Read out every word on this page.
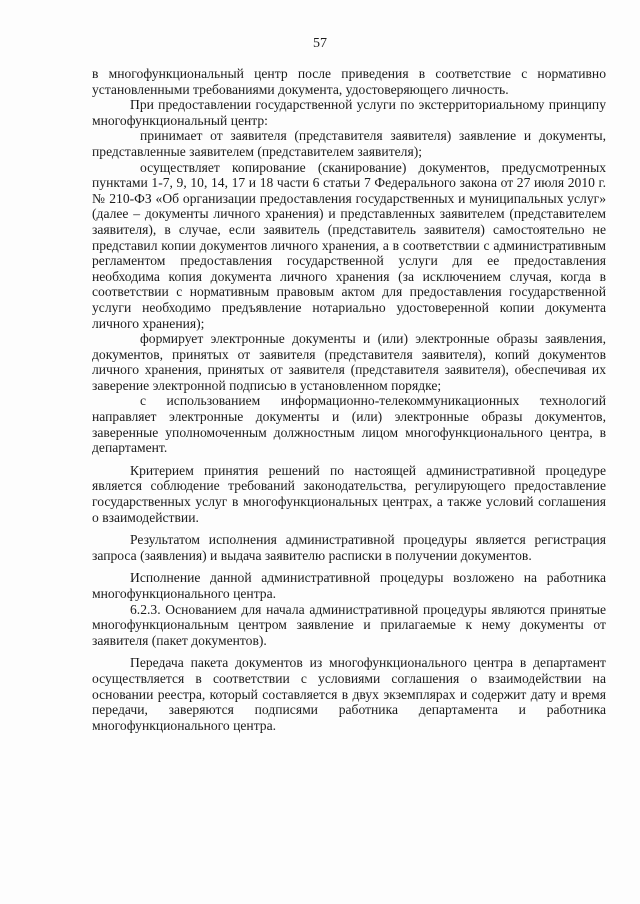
57

в многофункциональный центр после приведения в соответствие с нормативно установленными требованиями документа, удостоверяющего личность.

При предоставлении государственной услуги по экстерриториальному принципу многофункциональный центр:

принимает от заявителя (представителя заявителя) заявление и документы, представленные заявителем (представителем заявителя);

осуществляет копирование (сканирование) документов, предусмотренных пунктами 1-7, 9, 10, 14, 17 и 18 части 6 статьи 7 Федерального закона от 27 июля 2010 г. № 210-ФЗ «Об организации предоставления государственных и муниципальных услуг» (далее – документы личного хранения) и представленных заявителем (представителем заявителя), в случае, если заявитель (представитель заявителя) самостоятельно не представил копии документов личного хранения, а в соответствии с административным регламентом предоставления государственной услуги для ее предоставления необходима копия документа личного хранения (за исключением случая, когда в соответствии с нормативным правовым актом для предоставления государственной услуги необходимо предъявление нотариально удостоверенной копии документа личного хранения);

формирует электронные документы и (или) электронные образы заявления, документов, принятых от заявителя (представителя заявителя), копий документов личного хранения, принятых от заявителя (представителя заявителя), обеспечивая их заверение электронной подписью в установленном порядке;

с использованием информационно-телекоммуникационных технологий направляет электронные документы и (или) электронные образы документов, заверенные уполномоченным должностным лицом многофункционального центра, в департамент.

Критерием принятия решений по настоящей административной процедуре является соблюдение требований законодательства, регулирующего предоставление государственных услуг в многофункциональных центрах, а также условий соглашения о взаимодействии.

Результатом исполнения административной процедуры является регистрация запроса (заявления) и выдача заявителю расписки в получении документов.

Исполнение данной административной процедуры возложено на работника многофункционального центра.

6.2.3. Основанием для начала административной процедуры являются принятые многофункциональным центром заявление и прилагаемые к нему документы от заявителя (пакет документов).

Передача пакета документов из многофункционального центра в департамент осуществляется в соответствии с условиями соглашения о взаимодействии на основании реестра, который составляется в двух экземплярах и содержит дату и время передачи, заверяются подписями работника департамента и работника многофункционального центра.
